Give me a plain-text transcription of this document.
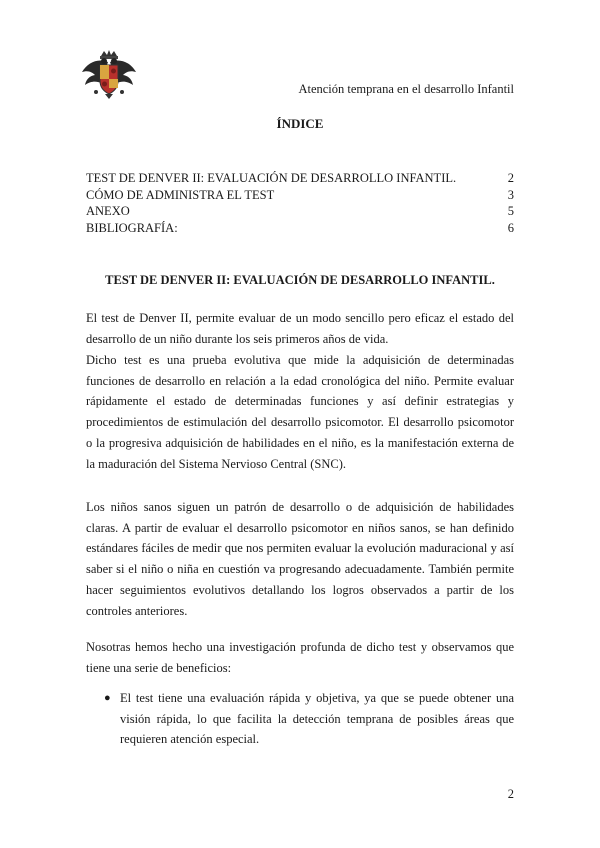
Atención temprana en el desarrollo Infantil
ÍNDICE
TEST DE DENVER II: EVALUACIÓN DE DESARROLLO INFANTIL.	2
CÓMO DE ADMINISTRA EL TEST	3
ANEXO	5
BIBLIOGRAFÍA:	6
TEST DE DENVER II: EVALUACIÓN DE DESARROLLO INFANTIL.

El test de Denver II, permite evaluar de un modo sencillo pero eficaz el estado del desarrollo de un niño durante los seis primeros años de vida.

Dicho test es una prueba evolutiva que mide la adquisición de determinadas funciones de desarrollo en relación a la edad cronológica del niño. Permite evaluar rápidamente el estado de determinadas funciones y así definir estrategias y procedimientos de estimulación del desarrollo psicomotor. El desarrollo psicomotor o la progresiva adquisición de habilidades en el niño, es la manifestación externa de la maduración del Sistema Nervioso Central (SNC).

Los niños sanos siguen un patrón de desarrollo o de adquisición de habilidades claras. A partir de evaluar el desarrollo psicomotor en niños sanos, se han definido estándares fáciles de medir que nos permiten evaluar la evolución maduracional y así saber si el niño o niña en cuestión va progresando adecuadamente. También permite hacer seguimientos evolutivos detallando los logros observados a partir de los controles anteriores.

Nosotras hemos hecho una investigación profunda de dicho test y observamos que tiene una serie de beneficios:

● El test tiene una evaluación rápida y objetiva, ya que se puede obtener una visión rápida, lo que facilita la detección temprana de posibles áreas que requieren atención especial.
2
